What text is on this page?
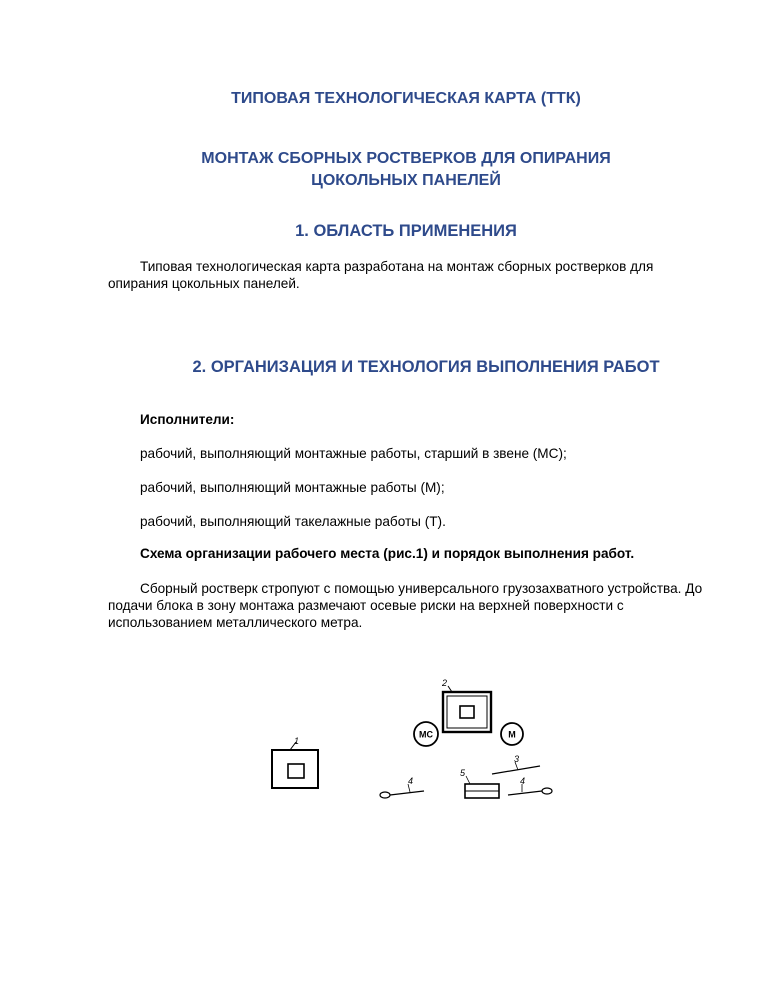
ТИПОВАЯ ТЕХНОЛОГИЧЕСКАЯ КАРТА (ТТК)
МОНТАЖ СБОРНЫХ РОСТВЕРКОВ ДЛЯ ОПИРАНИЯ
ЦОКОЛЬНЫХ ПАНЕЛЕЙ
1. ОБЛАСТЬ ПРИМЕНЕНИЯ
Типовая технологическая карта разработана на монтаж сборных ростверков для опирания цокольных панелей.
2. ОРГАНИЗАЦИЯ И ТЕХНОЛОГИЯ ВЫПОЛНЕНИЯ РАБОТ
Исполнители:
рабочий, выполняющий монтажные работы, старший в звене (МС);
рабочий, выполняющий монтажные работы (М);
рабочий, выполняющий такелажные работы (Т).
Схема организации рабочего места (рис.1) и порядок выполнения работ.
Сборный ростверк стропуют с помощью универсального грузозахватного устройства. До подачи блока в зону монтажа размечают осевые риски на верхней поверхности с использованием металлического метра.
1
2
МС	М
3
4
5
4
